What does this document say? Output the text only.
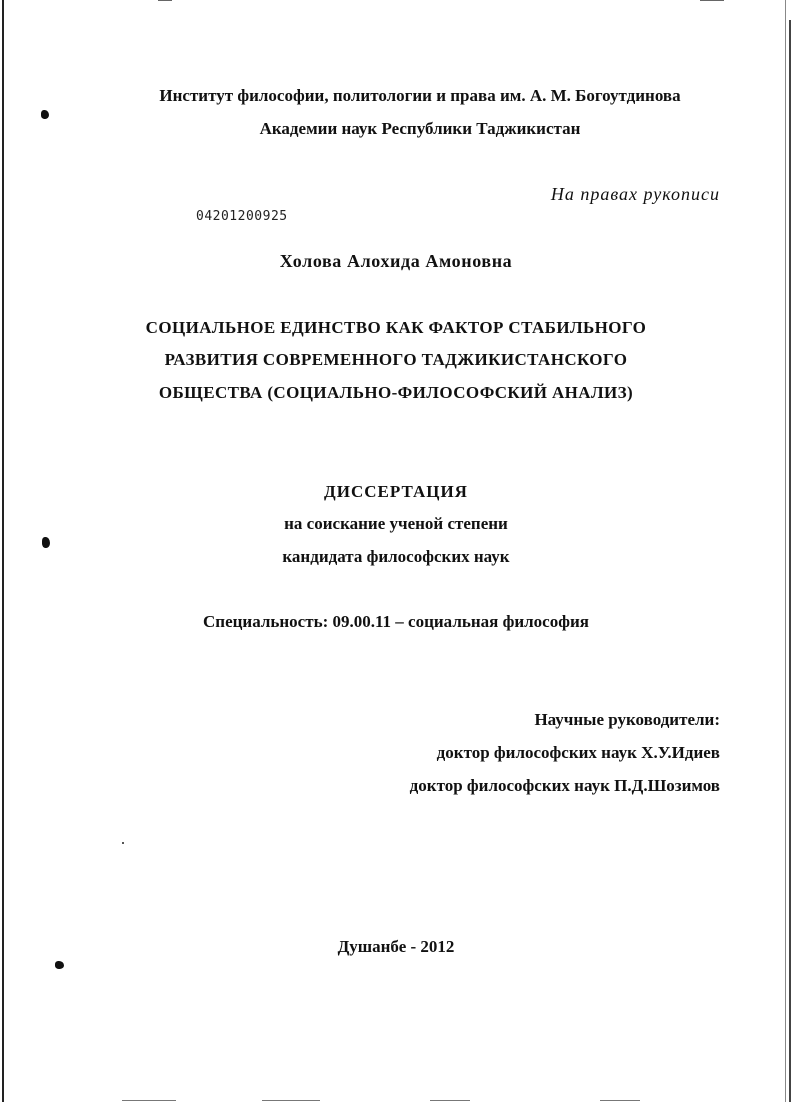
Институт философии, политологии и права им. А. М. Богоутдинова
Академии наук Республики Таджикистан
На правах рукописи
04201200925
Холова Алохида Амоновна
СОЦИАЛЬНОЕ ЕДИНСТВО КАК ФАКТОР СТАБИЛЬНОГО
РАЗВИТИЯ СОВРЕМЕННОГО ТАДЖИКИСТАНСКОГО
ОБЩЕСТВА (СОЦИАЛЬНО-ФИЛОСОФСКИЙ АНАЛИЗ)
ДИССЕРТАЦИЯ
на соискание ученой степени
кандидата философских наук
Специальность: 09.00.11 – социальная философия
Научные руководители:
доктор философских наук Х.У.Идиев
доктор философских наук П.Д.Шозимов
Душанбе - 2012
